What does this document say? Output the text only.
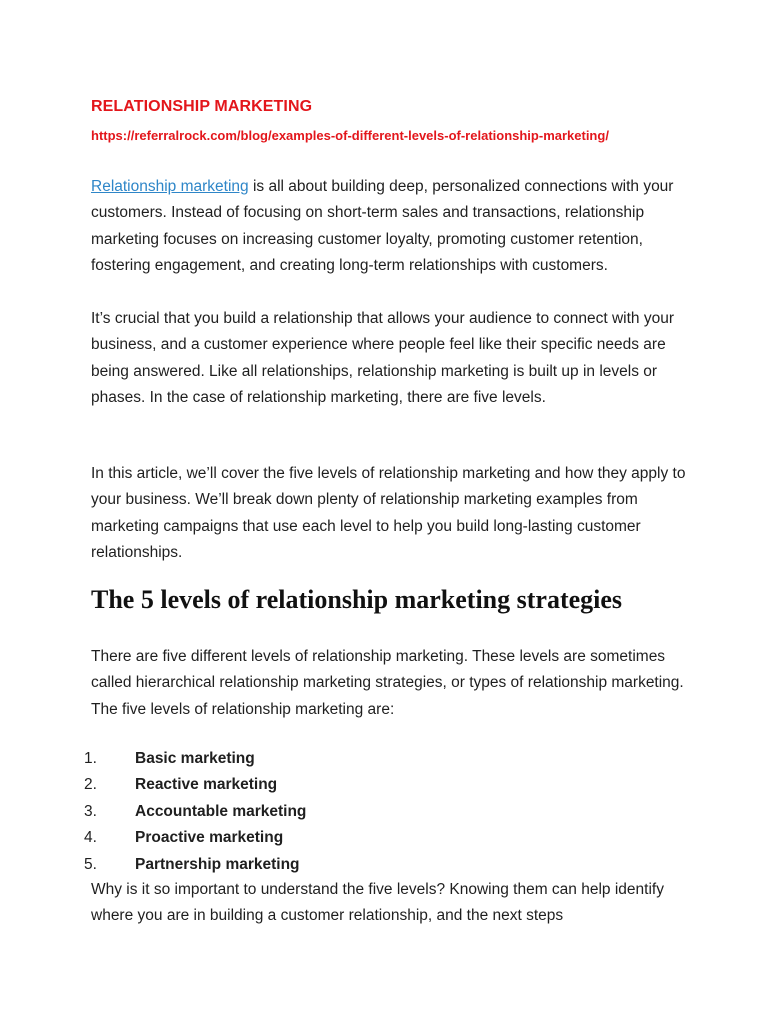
RELATIONSHIP MARKETING
https://referralrock.com/blog/examples-of-different-levels-of-relationship-marketing/

Relationship marketing is all about building deep, personalized connections with your customers. Instead of focusing on short-term sales and transactions, relationship marketing focuses on increasing customer loyalty, promoting customer retention, fostering engagement, and creating long-term relationships with customers.

It’s crucial that you build a relationship that allows your audience to connect with your business, and a customer experience where people feel like their specific needs are being answered. Like all relationships, relationship marketing is built up in levels or phases. In the case of relationship marketing, there are five levels.

In this article, we’ll cover the five levels of relationship marketing and how they apply to your business. We’ll break down plenty of relationship marketing examples from marketing campaigns that use each level to help you build long-lasting customer relationships.

The 5 levels of relationship marketing strategies

There are five different levels of relationship marketing. These levels are sometimes called hierarchical relationship marketing strategies, or types of relationship marketing. The five levels of relationship marketing are:

1.	Basic marketing
2.	Reactive marketing
3.	Accountable marketing
4.	Proactive marketing
5.	Partnership marketing

Why is it so important to understand the five levels? Knowing them can help identify where you are in building a customer relationship, and the next steps
